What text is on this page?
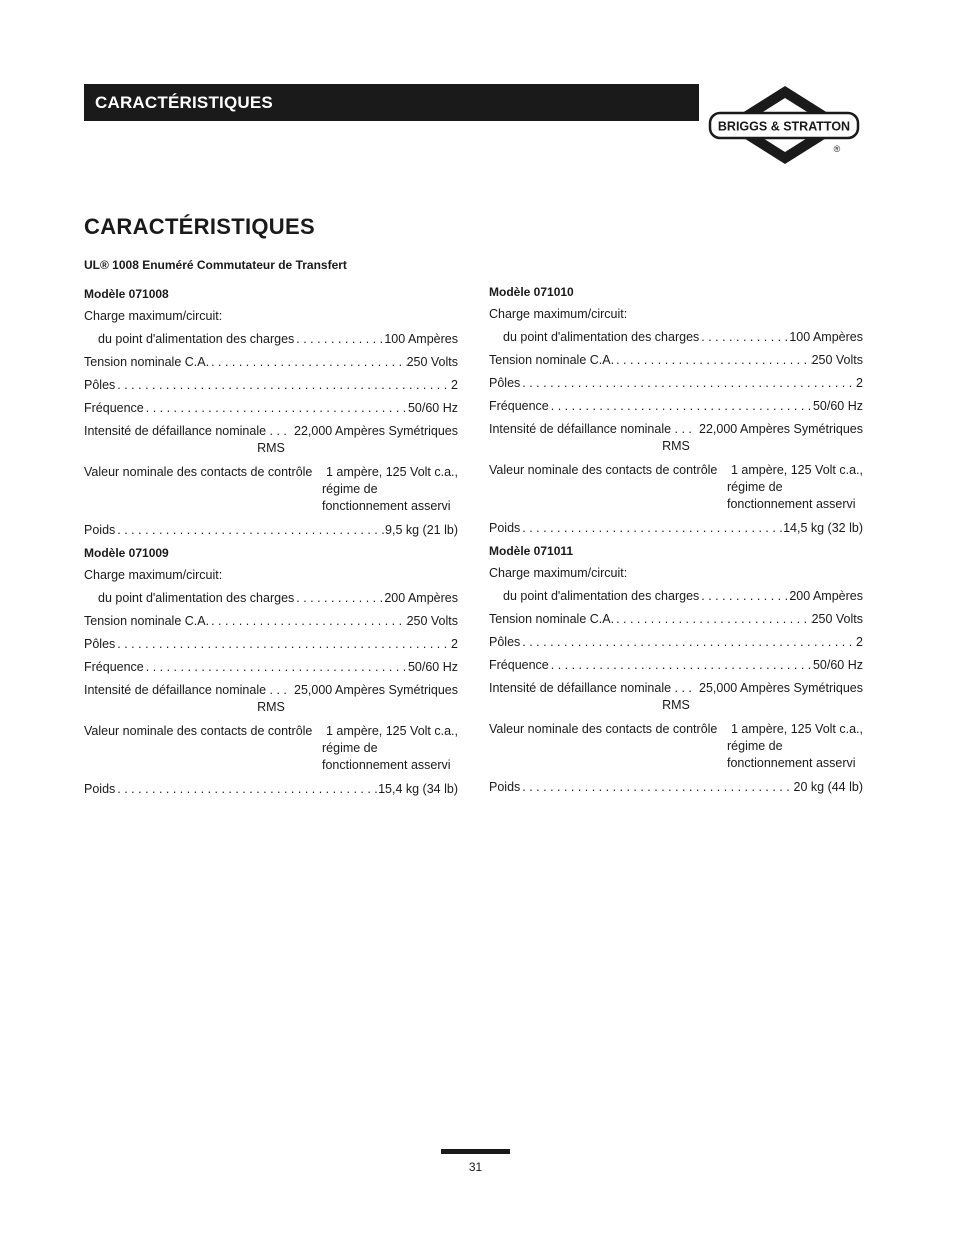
CARACTÉRISTIQUES
BRIGGS & STRATTON
®
CARACTÉRISTIQUES
UL® 1008 Enuméré Commutateur de Transfert
Modèle 071008
Charge maximum/circuit:
du point d'alimentation des charges . . .	100 Ampères
Tension nominale C.A. . . .	250 Volts
Pôles . . .	2
Fréquence . . .	50/60 Hz
Intensité de défaillance nominale . . . 22,000 Ampères Symétriques
RMS
Valeur nominale des contacts de contrôle 1 ampère, 125 Volt c.a.,
régime de
fonctionnement asservi
Poids . . .	9,5 kg (21 lb)
Modèle 071009
Charge maximum/circuit:
du point d'alimentation des charges . . .	200 Ampères
Tension nominale C.A. . . .	250 Volts
Pôles . . .	2
Fréquence . . .	50/60 Hz
Intensité de défaillance nominale . . . 25,000 Ampères Symétriques
RMS
Valeur nominale des contacts de contrôle 1 ampère, 125 Volt c.a.,
régime de
fonctionnement asservi
Poids . . .	15,4 kg (34 lb)
Modèle 071010
Charge maximum/circuit:
du point d'alimentation des charges . . .	100 Ampères
Tension nominale C.A. . . .	250 Volts
Pôles . . .	2
Fréquence . . .	50/60 Hz
Intensité de défaillance nominale . . . 22,000 Ampères Symétriques
RMS
Valeur nominale des contacts de contrôle 1 ampère, 125 Volt c.a.,
régime de
fonctionnement asservi
Poids . . .	14,5 kg (32 lb)
Modèle 071011
Charge maximum/circuit:
du point d'alimentation des charges . . .	200 Ampères
Tension nominale C.A. . . .	250 Volts
Pôles . . .	2
Fréquence . . .	50/60 Hz
Intensité de défaillance nominale . . . 25,000 Ampères Symétriques
RMS
Valeur nominale des contacts de contrôle 1 ampère, 125 Volt c.a.,
régime de
fonctionnement asservi
Poids . . .	20 kg (44 lb)
31
